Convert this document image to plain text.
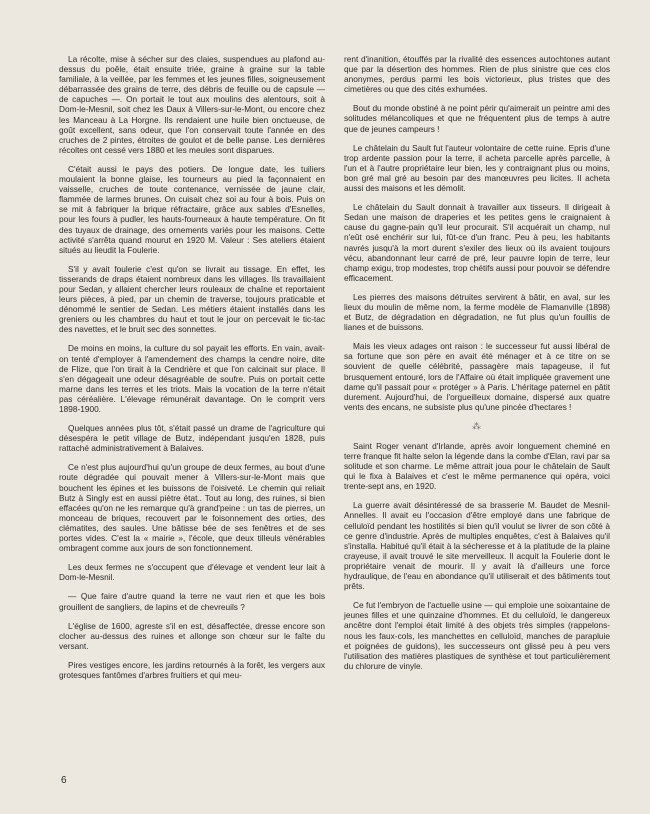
La récolte, mise à sécher sur des claies, suspendues au plafond au-dessus du poêle, était ensuite triée, graine à graine sur la table familiale, à la veillée, par les femmes et les jeunes filles, soigneusement débarrassée des grains de terre, des débris de feuille ou de capsule — de capuches —. On portait le tout aux moulins des alentours, soit à Dom-le-Mesnil, soit chez les Daux à Villers-sur-le-Mont, ou encore chez les Manceau à La Horgne. Ils rendaient une huile bien onctueuse, de goût excellent, sans odeur, que l'on conservait toute l'année en des cruches de 2 pintes, étroites de goulot et de belle panse. Les dernières récoltes ont cessé vers 1880 et les meules sont disparues.

C'était aussi le pays des potiers. De longue date, les tuiliers moulaient la bonne glaise, les tourneurs au pied la façonnaient en vaisselle, cruches de toute contenance, vernissée de jaune clair, flammée de larmes brunes. On cuisait chez soi au four à bois. Puis on se mit à fabriquer la brique réfractaire, grâce aux sables d'Esnelles, pour les fours à pudler, les hauts-fourneaux à haute température. On fit des tuyaux de drainage, des ornements variés pour les maisons. Cette activité s'arrêta quand mourut en 1920 M. Valeur : Ses ateliers étaient situés au lieudit la Foulerie.

S'il y avait foulerie c'est qu'on se livrait au tissage. En effet, les tisserands de draps étaient nombreux dans les villages. Ils travaillaient pour Sedan, y allaient chercher leurs rouleaux de chaîne et reportaient leurs pièces, à pied, par un chemin de traverse, toujours praticable et dénommé le sentier de Sedan. Les métiers étaient installés dans les greniers ou les chambres du haut et tout le jour on percevait le tic-tac des navettes, et le bruit sec des sonnettes.

De moins en moins, la culture du sol payait les efforts. En vain, avait-on tenté d'employer à l'amendement des champs la cendre noire, dite de Flize, que l'on tirait à la Cendrière et que l'on calcinait sur place. Il s'en dégageait une odeur désagréable de soufre. Puis on portait cette marne dans les terres et les triots. Mais la vocation de la terre n'était pas céréalière. L'élevage rémunérait davantage. On le comprit vers 1898-1900.

Quelques années plus tôt, s'était passé un drame de l'agriculture qui désespéra le petit village de Butz, indépendant jusqu'en 1828, puis rattaché administrativement à Balaives.

Ce n'est plus aujourd'hui qu'un groupe de deux fermes, au bout d'une route dégradée qui pouvait mener à Villers-sur-le-Mont mais que bouchent les épines et les buissons de l'oisiveté. Le chemin qui reliait Butz à Singly est en aussi piètre état.. Tout au long, des ruines, si bien effacées qu'on ne les remarque qu'à grand'peine : un tas de pierres, un monceau de briques, recouvert par le foisonnement des orties, des clématites, des saules. Une bâtisse bée de ses fenêtres et de ses portes vides. C'est la « mairie », l'école, que deux tilleuls vénérables ombragent comme aux jours de son fonctionnement.

Les deux fermes ne s'occupent que d'élevage et vendent leur lait à Dom-le-Mesnil.

— Que faire d'autre quand la terre ne vaut rien et que les bois grouillent de sangliers, de lapins et de chevreuils ?

L'église de 1600, agreste s'il en est, désaffectée, dresse encore son clocher au-dessus des ruines et allonge son chœur sur le faîte du versant.

Pires vestiges encore, les jardins retournés à la forêt, les vergers aux grotesques fantômes d'arbres fruitiers et qui meu-

rent d'inanition, étouffés par la rivalité des essences autochtones autant que par la désertion des hommes. Rien de plus sinistre que ces clos anonymes, perdus parmi les bois victorieux, plus tristes que des cimetières ou que des cités exhumées.

Bout du monde obstiné à ne point périr qu'aimerait un peintre ami des solitudes mélancoliques et que ne fréquentent plus de temps à autre que de jeunes campeurs !

Le châtelain du Sault fut l'auteur volontaire de cette ruine. Epris d'une trop ardente passion pour la terre, il acheta parcelle après parcelle, à l'un et à l'autre propriétaire leur bien, les y contraignant plus ou moins, bon gré mal gré au besoin par des manœuvres peu licites. Il acheta aussi des maisons et les démolit.

Le châtelain du Sault donnait à travailler aux tisseurs. Il dirigeait à Sedan une maison de draperies et les petites gens le craignaient à cause du gagne-pain qu'il leur procurait. S'il acquérait un champ, nul n'eût osé enchérir sur lui, fût-ce d'un franc. Peu à peu, les habitants navrés jusqu'à la mort durent s'exiler des lieux où ils avaient toujours vécu, abandonnant leur carré de pré, leur pauvre lopin de terre, leur champ exigu, trop modestes, trop chétifs aussi pour pouvoir se défendre efficacement.

Les pierres des maisons détruites servirent à bâtir, en aval, sur les lieux du moulin de même nom, la ferme modèle de Flamanville (1898) et Butz, de dégradation en dégradation, ne fut plus qu'un fouillis de lianes et de buissons.

Mais les vieux adages ont raison : le successeur fut aussi libéral de sa fortune que son père en avait été ménager et à ce titre on se souvient de quelle célébrité, passagère mais tapageuse, il fut brusquement entouré, lors de l'Affaire où était impliquée gravement une dame qu'il passait pour « protéger » à Paris. L'héritage paternel en pâtit durement. Aujourd'hui, de l'orgueilleux domaine, dispersé aux quatre vents des encans, ne subsiste plus qu'une pincée d'hectares !

⁂

Saint Roger venant d'Irlande, après avoir longuement cheminé en terre franque fit halte selon la légende dans la combe d'Elan, ravi par sa solitude et son charme. Le même attrait joua pour le châtelain de Sault qui le fixa à Balaives et c'est le même permanence qui opéra, voici trente-sept ans, en 1920.

La guerre avait désintéressé de sa brasserie M. Baudet de Mesnil-Annelles. Il avait eu l'occasion d'être employé dans une fabrique de celluloïd pendant les hostilités si bien qu'il voulut se livrer de son côté à ce genre d'industrie. Après de multiples enquêtes, c'est à Balaives qu'il s'installa. Habitué qu'il était à la sécheresse et à la platitude de la plaine crayeuse, il avait trouvé le site merveilleux. Il acquit la Foulerie dont le propriétaire venait de mourir. Il y avait là d'ailleurs une force hydraulique, de l'eau en abondance qu'il utiliserait et des bâtiments tout prêts.

Ce fut l'embryon de l'actuelle usine — qui emploie une soixantaine de jeunes filles et une quinzaine d'hommes. Et du celluloïd, le dangereux ancêtre dont l'emploi était limité à des objets très simples (rappelons-nous les faux-cols, les manchettes en celluloïd, manches de parapluie et poignées de guidons), les successeurs ont glissé peu à peu vers l'utilisation des matières plastiques de synthèse et tout particulièrement du chlorure de vinyle.

6
